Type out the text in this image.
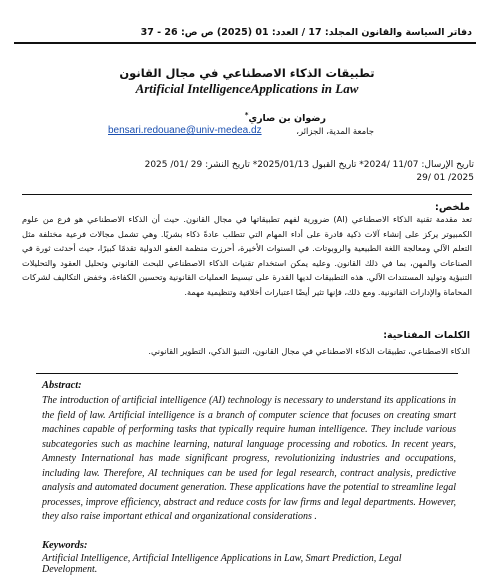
دفاتر السياسة والقانون المجلد: 17 / العدد: 01 (2025) ص ص: 26 - 37
تطبيقات الذكاء الاصطناعي في مجال القانون
Artificial IntelligenceApplications in Law
رضوان بن صاري*
bensari.redouane@univ-medea.dz	جامعة المدية، الجزائر،
تاريخ الإرسال: 11/07 /2024* تاريخ القبول 2025/01/13* تاريخ النشر: 29 /01/ 2025
2025/ 01 /29
ملخص:
تعد مقدمة تقنية الذكاء الاصطناعي (AI) ضرورية لفهم تطبيقاتها في مجال القانون. حيث أن الذكاء الاصطناعي هو فرع من علوم الكمبيوتر يركز على إنشاء آلات ذكية قادرة على أداء المهام التي تتطلب عادةً ذكاء بشريًا. وهي تشمل مجالات فرعية مختلفة مثل التعلم الآلي ومعالجة اللغة الطبيعية والروبوتات. في السنوات الأخيرة، أحرزت منظمة العفو الدولية تقدمًا كبيرًا، حيث أحدثت ثورة في الصناعات والمهن، بما في ذلك القانون. وعليه يمكن استخدام تقنيات الذكاء الاصطناعي للبحث القانوني وتحليل العقود والتحليلات التنبؤية وتوليد المستندات الآلي. هذه التطبيقات لديها القدرة على تبسيط العمليات القانونية وتحسين الكفاءة، وخفض التكاليف لشركات المحاماة والإدارات القانونية. ومع ذلك، فإنها تثير أيضًا اعتبارات أخلاقية وتنظيمية مهمة.
الكلمات المفتاحية:
الذكاء الاصطناعي، تطبيقات الذكاء الاصطناعي في مجال القانون، التنبؤ الذكي، التطوير القانوني.
Abstract:
The introduction of artificial intelligence (AI) technology is necessary to understand its applications in the field of law. Artificial intelligence is a branch of computer science that focuses on creating smart machines capable of performing tasks that typically require human intelligence. They include various subcategories such as machine learning, natural language processing and robotics. In recent years, Amnesty International has made significant progress, revolutionizing industries and occupations, including law. Therefore, AI techniques can be used for legal research, contract analysis, predictive analysis and automated document generation. These applications have the potential to streamline legal processes, improve efficiency, abstract and reduce costs for law firms and legal departments. However, they also raise important ethical and organizational considerations .
Keywords:
Artificial Intelligence, Artificial Intelligence Applications in Law, Smart Prediction, Legal Development.
